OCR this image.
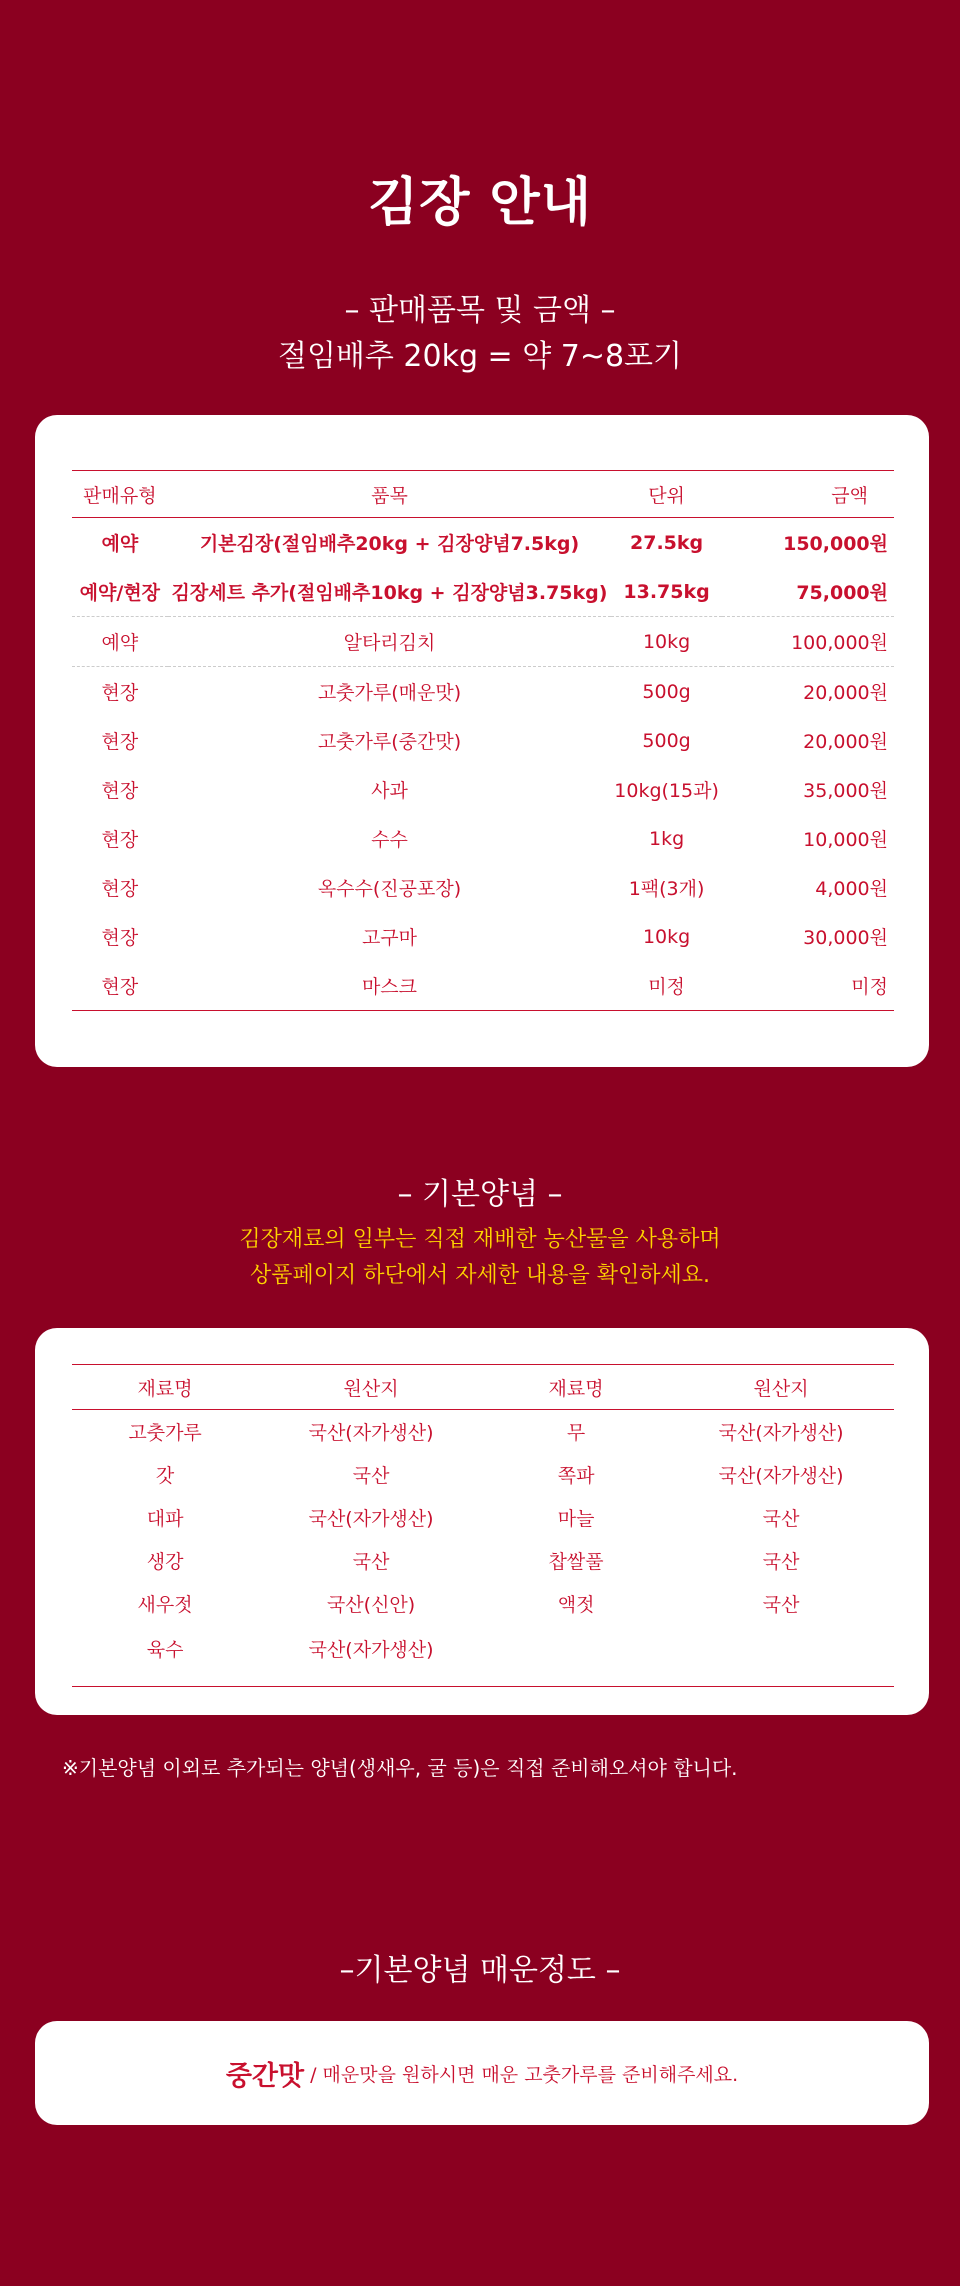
김장 안내
– 판매품목 및 금액 –
절임배추 20kg = 약 7~8포기
판매유형	품목	단위	금액
예약	기본김장(절임배추20kg + 김장양념7.5kg)	27.5kg	150,000원
예약/현장	김장세트 추가(절임배추10kg + 김장양념3.75kg)	13.75kg	75,000원
예약	알타리김치	10kg	100,000원
현장	고춧가루(매운맛)	500g	20,000원
현장	고춧가루(중간맛)	500g	20,000원
현장	사과	10kg(15과)	35,000원
현장	수수	1kg	10,000원
현장	옥수수(진공포장)	1팩(3개)	4,000원
현장	고구마	10kg	30,000원
현장	마스크	미정	미정
– 기본양념 –
김장재료의 일부는 직접 재배한 농산물을 사용하며
상품페이지 하단에서 자세한 내용을 확인하세요.
재료명	원산지	재료명	원산지
고춧가루	국산(자가생산)	무	국산(자가생산)
갓	국산	쪽파	국산(자가생산)
대파	국산(자가생산)	마늘	국산
생강	국산	찹쌀풀	국산
새우젓	국산(신안)	액젓	국산
육수	국산(자가생산)		
※기본양념 이외로 추가되는 양념(생새우, 굴 등)은 직접 준비해오셔야 합니다.
–기본양념 매운정도 –
중간맛 / 매운맛을 원하시면 매운 고춧가루를 준비해주세요.
